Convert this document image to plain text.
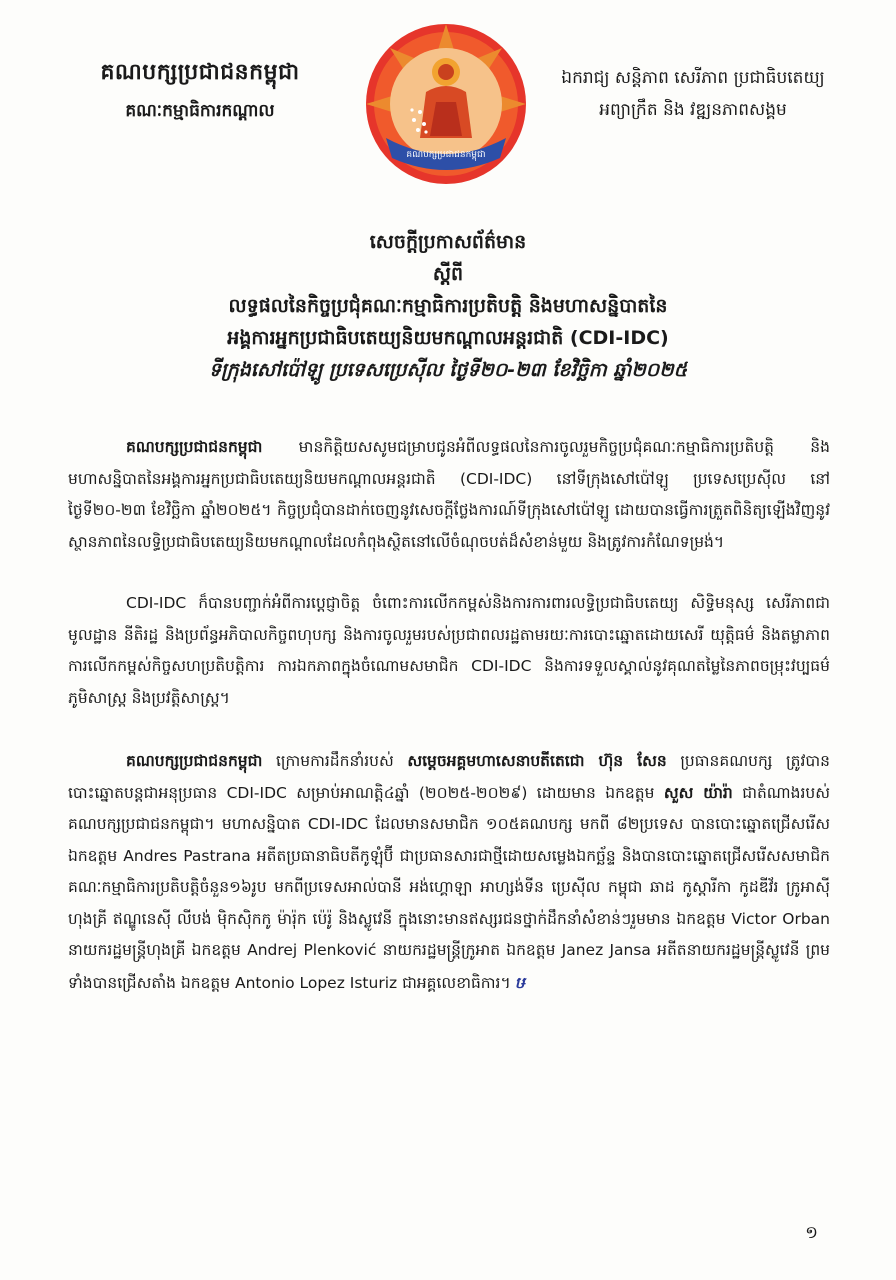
គណបក្សប្រជាជនកម្ពុជា
គណៈកម្មាធិការកណ្តាល
គណបក្សប្រជាជនកម្ពុជា
ឯករាជ្យ សន្តិភាព សេរីភាព ប្រជាធិបតេយ្យ
អព្យាក្រឹត និង វឌ្ឍនភាពសង្គម
សេចក្តីប្រកាសព័ត៌មាន
ស្តីពី
លទ្ធផលនៃកិច្ចប្រជុំគណៈកម្មាធិការប្រតិបត្តិ និងមហាសន្និបាតនៃ
អង្គការអ្នកប្រជាធិបតេយ្យនិយមកណ្តាលអន្តរជាតិ (CDI-IDC)
ទីក្រុងសៅប៉ៅឡូ ប្រទេសប្រេស៊ីល ថ្ងៃទី២០-២៣ ខែវិច្ឆិកា ឆ្នាំ២០២៥

គណបក្សប្រជាជនកម្ពុជា មានកិត្តិយសសូមជម្រាបជូនអំពីលទ្ធផលនៃការចូលរួមកិច្ចប្រជុំគណៈកម្មាធិការប្រតិបត្តិ និងមហាសន្និបាតនៃអង្គការអ្នកប្រជាធិបតេយ្យនិយមកណ្តាលអន្តរជាតិ (CDI-IDC) នៅទីក្រុងសៅប៉ៅឡូ ប្រទេសប្រេស៊ីល នៅថ្ងៃទី២០-២៣ ខែវិច្ឆិកា ឆ្នាំ២០២៥។ កិច្ចប្រជុំបានដាក់ចេញនូវសេចក្តីថ្លែងការណ៍ទីក្រុងសៅប៉ៅឡូ ដោយបានធ្វើការត្រួតពិនិត្យឡើងវិញនូវស្ថានភាពនៃលទ្ធិប្រជាធិបតេយ្យនិយមកណ្តាលដែលកំពុងស្ថិតនៅលើចំណុចបត់ដ៏សំខាន់មួយ និងត្រូវការកំណែទម្រង់។

CDI-IDC ក៏បានបញ្ជាក់អំពីការប្តេជ្ញាចិត្ត ចំពោះការលើកកម្ពស់និងការការពារលទ្ធិប្រជាធិបតេយ្យ សិទ្ធិមនុស្ស សេរីភាពជាមូលដ្ឋាន នីតិរដ្ឋ និងប្រព័ន្ធអភិបាលកិច្ចពហុបក្ស និងការចូលរួមរបស់ប្រជាពលរដ្ឋតាមរយៈការបោះឆ្នោតដោយសេរី យុត្តិធម៌ និងតម្លាភាព ការលើកកម្ពស់កិច្ចសហប្រតិបត្តិការ ការឯកភាពក្នុងចំណោមសមាជិក CDI-IDC និងការទទួលស្គាល់នូវគុណតម្លៃនៃភាពចម្រុះវប្បធម៌ ភូមិសាស្ត្រ និងប្រវត្តិសាស្ត្រ។

គណបក្សប្រជាជនកម្ពុជា ក្រោមការដឹកនាំរបស់ សម្តេចអគ្គមហាសេនាបតីតេជោ ហ៊ុន សែន ប្រធានគណបក្ស ត្រូវបានបោះឆ្នោតបន្តជាអនុប្រធាន CDI-IDC សម្រាប់អាណត្តិ៤ឆ្នាំ (២០២៥-២០២៩) ដោយមាន ឯកឧត្តម សួស យ៉ារ៉ា ជាតំណាងរបស់គណបក្សប្រជាជនកម្ពុជា។ មហាសន្និបាត CDI-IDC ដែលមានសមាជិក ១០៥គណបក្ស មកពី ៨២ប្រទេស បានបោះឆ្នោតជ្រើសរើស ឯកឧត្តម Andres Pastrana អតីតប្រធានាធិបតីកូឡុំប៊ី ជាប្រធានសារជាថ្មីដោយសម្លេងឯកច្ឆ័ន្ទ និងបានបោះឆ្នោតជ្រើសរើសសមាជិកគណៈកម្មាធិការប្រតិបត្តិចំនួន១៦រូប មកពីប្រទេសអាល់បានី អង់ហ្គោឡា អាហ្សង់ទីន ប្រេស៊ីល កម្ពុជា ឆាដ កូស្តារីកា កូដឌីវ័រ ក្រូអាស៊ី ហុងគ្រី ឥណ្ឌូនេស៊ី លីបង់ ម៉ិកស៊ិកកូ ម៉ារ៉ុក ប៉េរ៉ូ និងស្លូវេនី ក្នុងនោះមានឥស្សរជនថ្នាក់ដឹកនាំសំខាន់ៗរួមមាន ឯកឧត្តម Victor Orban នាយករដ្ឋមន្ត្រីហុងគ្រី ឯកឧត្តម Andrej Plenković នាយករដ្ឋមន្ត្រីក្រូអាត ឯកឧត្តម Janez Jansa អតីតនាយករដ្ឋមន្ត្រីស្លូវេនី ព្រមទាំងបានជ្រើសតាំង ឯកឧត្តម Antonio Lopez Isturiz ជាអគ្គលេខាធិការ។ ឞ

១
